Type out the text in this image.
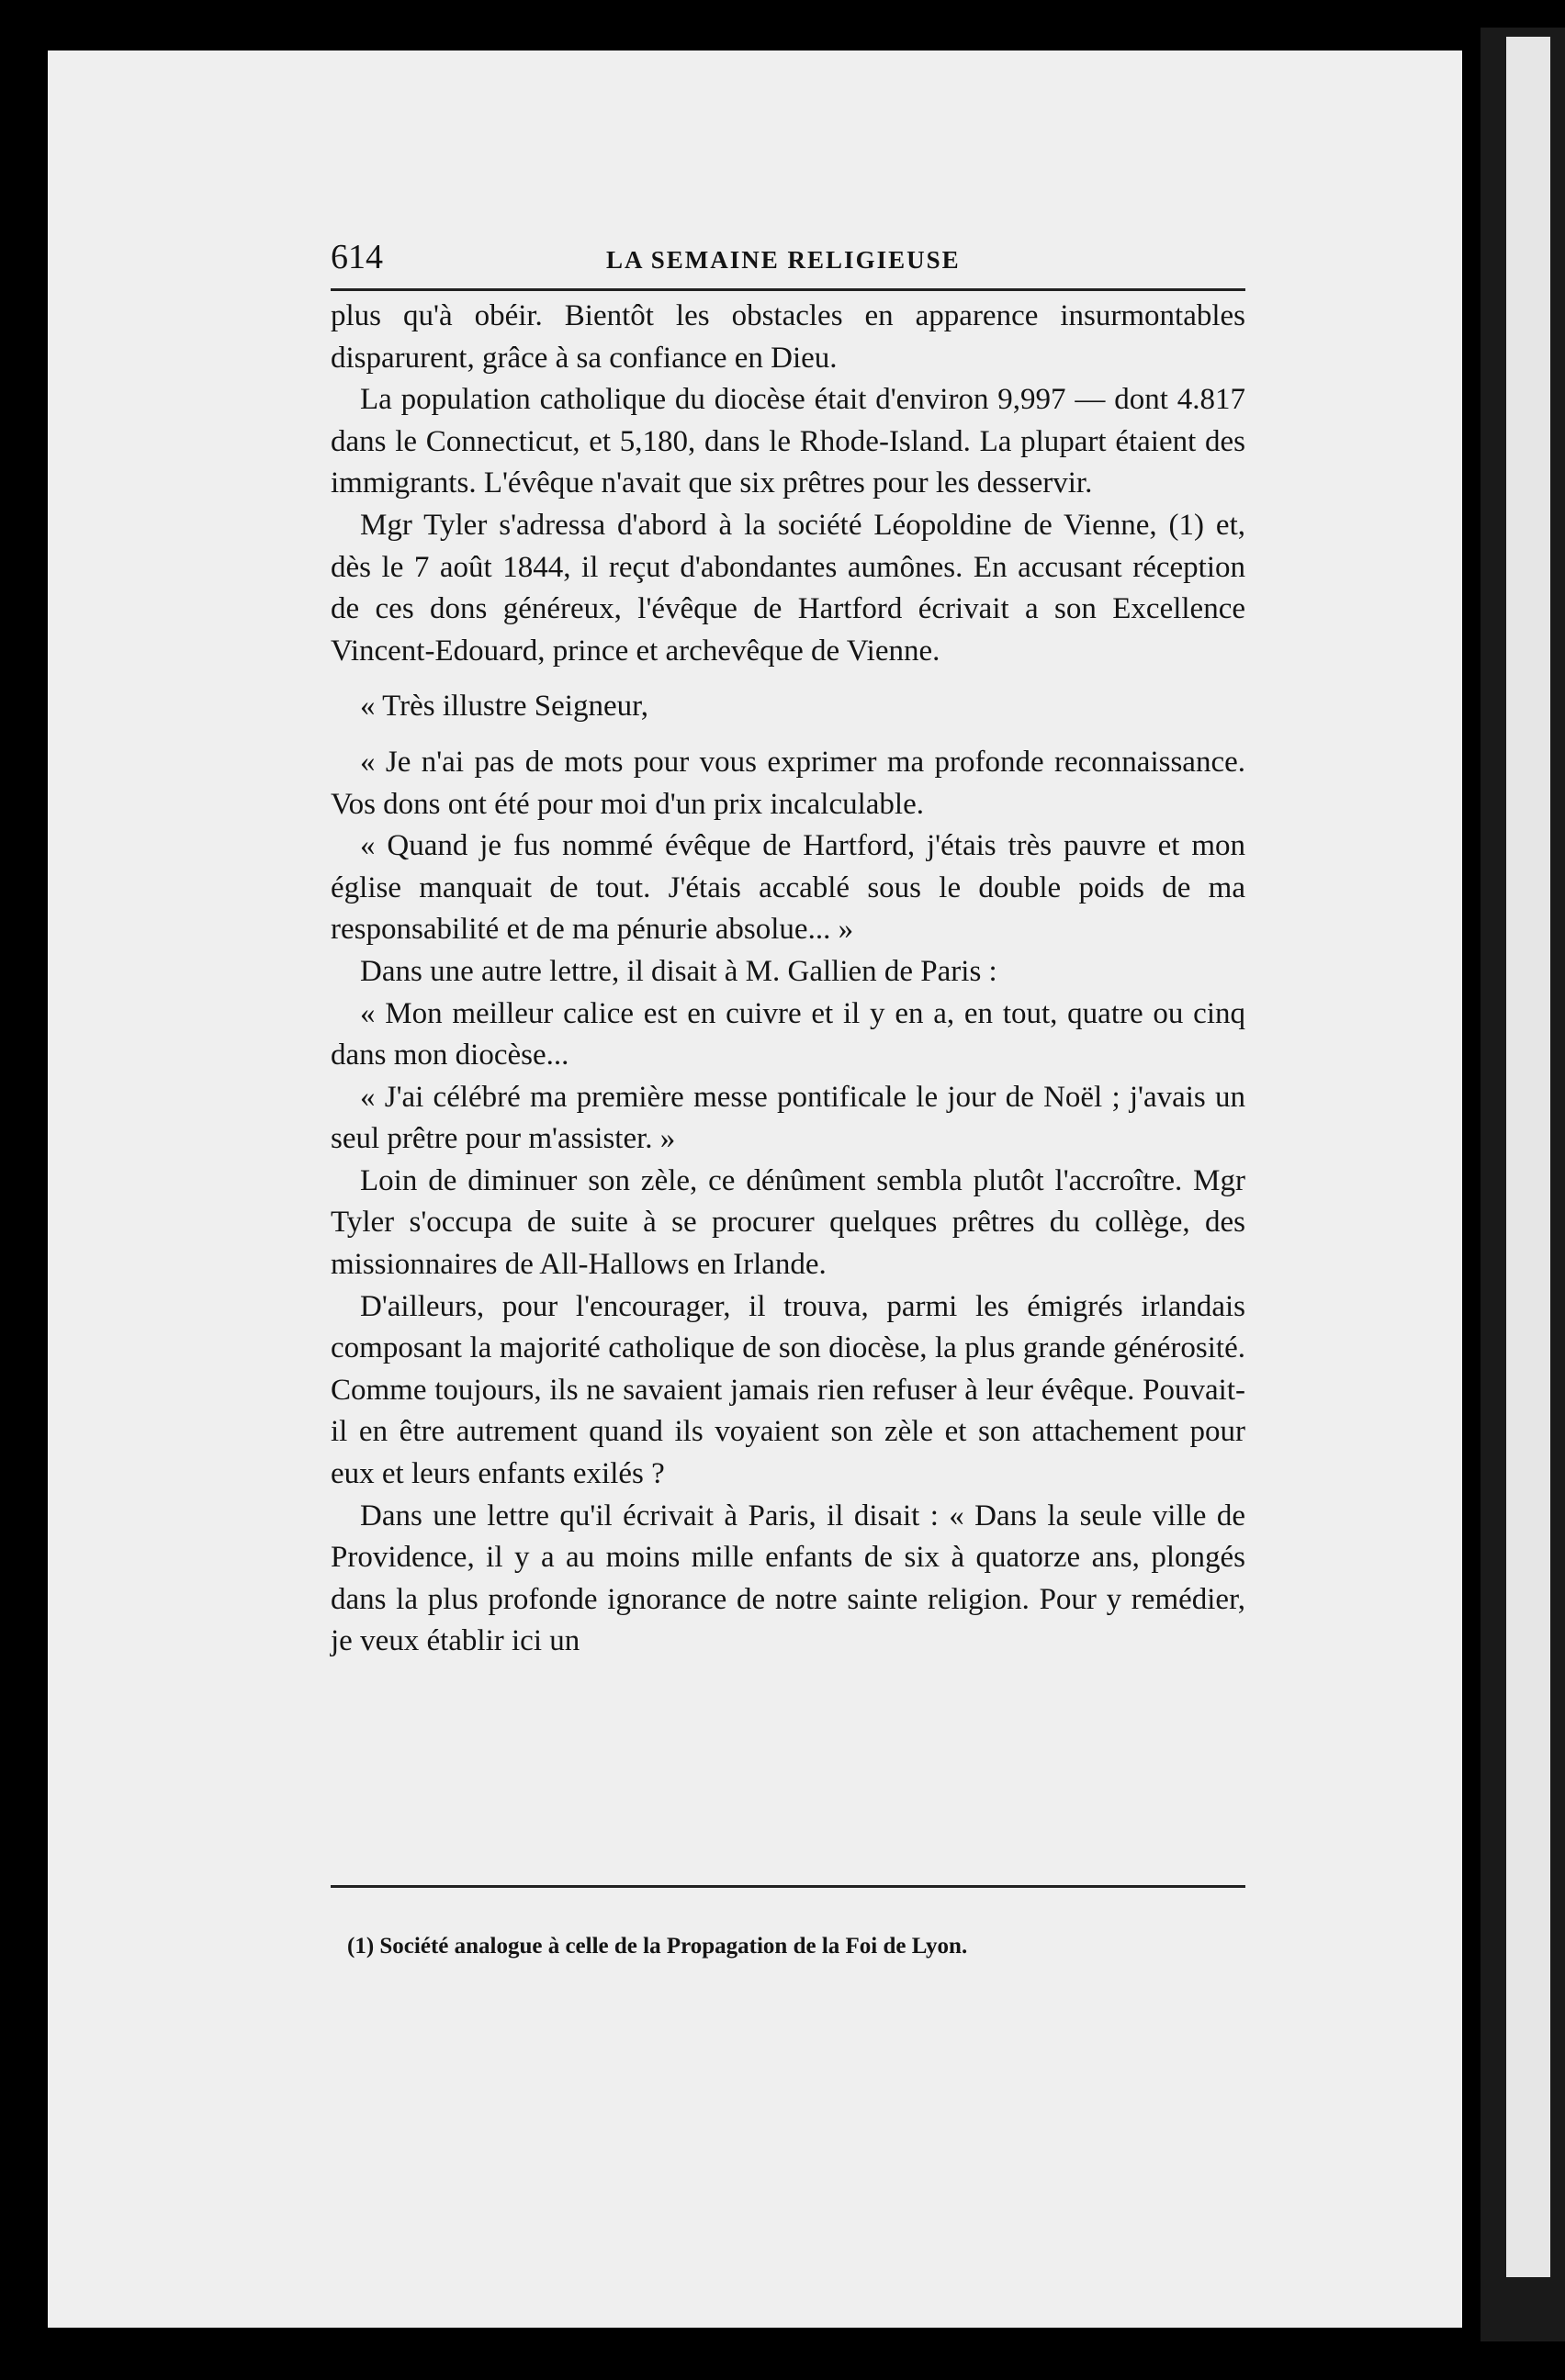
614	LA SEMAINE RELIGIEUSE

plus qu'à obéir. Bientôt les obstacles en apparence insurmontables disparurent, grâce à sa confiance en Dieu.

La population catholique du diocèse était d'environ 9,997 — dont 4.817 dans le Connecticut, et 5,180, dans le Rhode-Island. La plupart étaient des immigrants. L'évêque n'avait que six prêtres pour les desservir.

Mgr Tyler s'adressa d'abord à la société Léopoldine de Vienne, (1) et, dès le 7 août 1844, il reçut d'abondantes aumônes. En accusant réception de ces dons généreux, l'évêque de Hartford écrivait a son Excellence Vincent-Edouard, prince et archevêque de Vienne.

« Très illustre Seigneur,

« Je n'ai pas de mots pour vous exprimer ma profonde reconnaissance. Vos dons ont été pour moi d'un prix incalculable.

« Quand je fus nommé évêque de Hartford, j'étais très pauvre et mon église manquait de tout. J'étais accablé sous le double poids de ma responsabilité et de ma pénurie absolue... »

Dans une autre lettre, il disait à M. Gallien de Paris :

« Mon meilleur calice est en cuivre et il y en a, en tout, quatre ou cinq dans mon diocèse...

« J'ai célébré ma première messe pontificale le jour de Noël ; j'avais un seul prêtre pour m'assister. »

Loin de diminuer son zèle, ce dénûment sembla plutôt l'accroître. Mgr Tyler s'occupa de suite à se procurer quelques prêtres du collège, des missionnaires de All-Hallows en Irlande.

D'ailleurs, pour l'encourager, il trouva, parmi les émigrés irlandais composant la majorité catholique de son diocèse, la plus grande générosité. Comme toujours, ils ne savaient jamais rien refuser à leur évêque. Pouvait-il en être autrement quand ils voyaient son zèle et son attachement pour eux et leurs enfants exilés ?

Dans une lettre qu'il écrivait à Paris, il disait : « Dans la seule ville de Providence, il y a au moins mille enfants de six à quatorze ans, plongés dans la plus profonde ignorance de notre sainte religion. Pour y remédier, je veux établir ici un

(1) Société analogue à celle de la Propagation de la Foi de Lyon.
